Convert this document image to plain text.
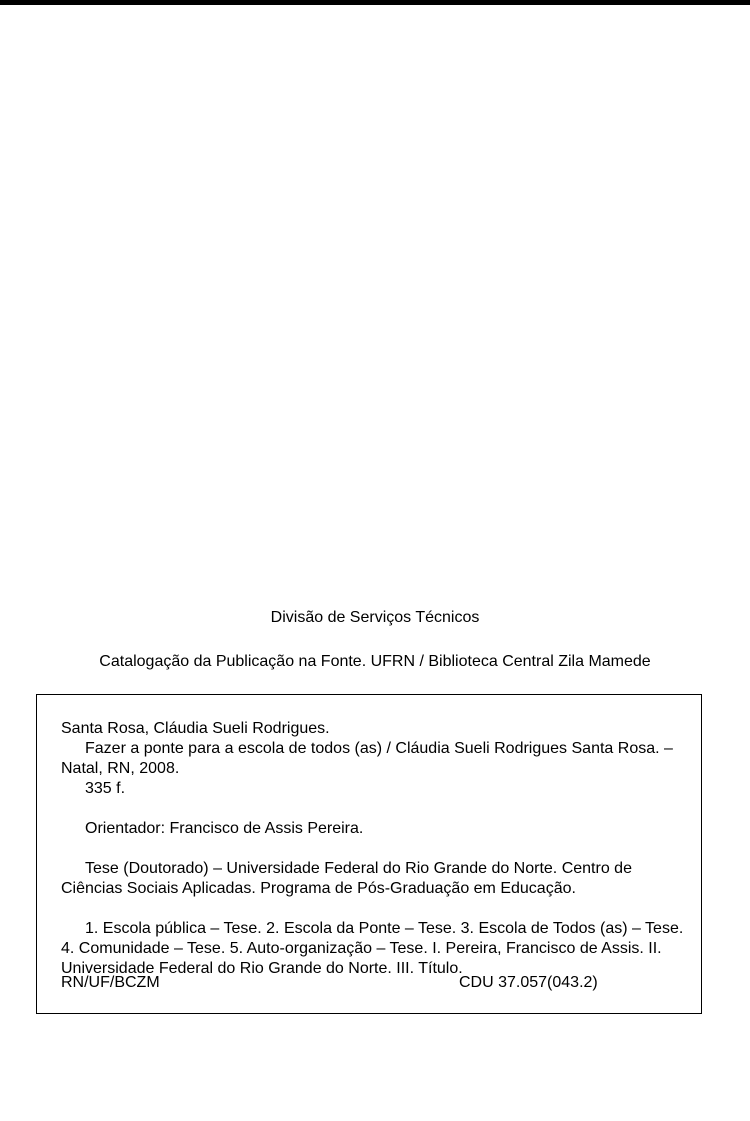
Divisão de Serviços Técnicos
Catalogação da Publicação na Fonte. UFRN / Biblioteca Central Zila Mamede

Santa Rosa, Cláudia Sueli Rodrigues.

Fazer a ponte para a escola de todos (as) / Cláudia Sueli Rodrigues Santa Rosa. – Natal, RN, 2008.

335 f.

Orientador: Francisco de Assis Pereira.

Tese (Doutorado) – Universidade Federal do Rio Grande do Norte. Centro de Ciências Sociais Aplicadas. Programa de Pós-Graduação em Educação.

1. Escola pública – Tese. 2. Escola da Ponte – Tese. 3. Escola de Todos (as) – Tese. 4. Comunidade – Tese. 5. Auto-organização – Tese. I. Pereira, Francisco de Assis. II. Universidade Federal do Rio Grande do Norte. III. Título.

RN/UF/BCZM	CDU 37.057(043.2)
